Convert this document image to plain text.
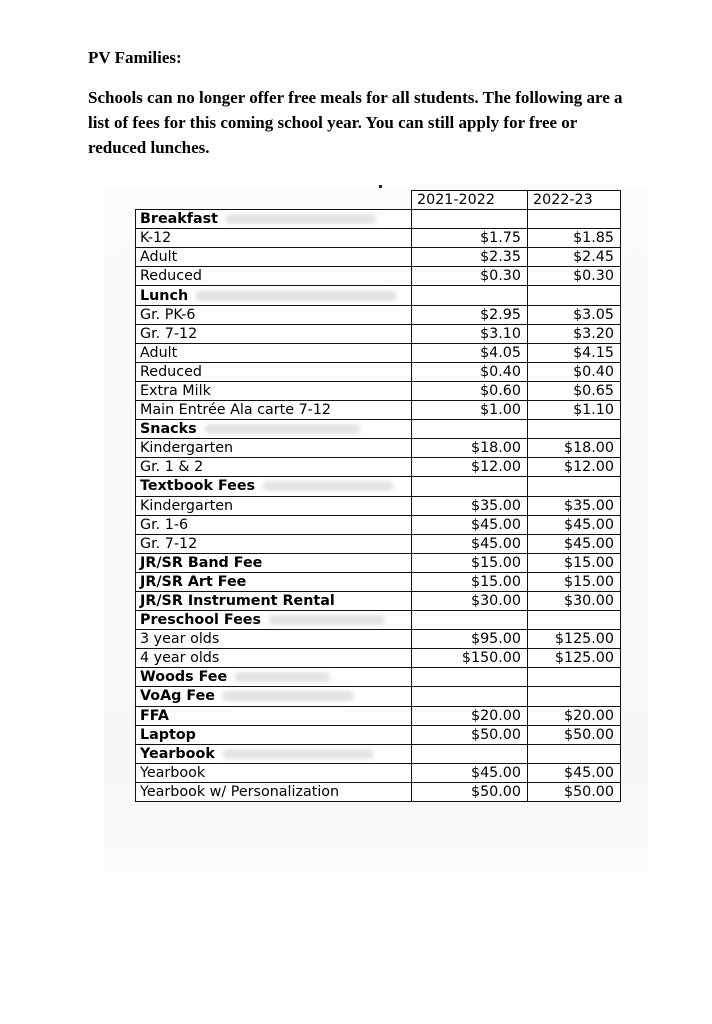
PV Families:

Schools can no longer offer free meals for all students. The following are a list of fees for this coming school year. You can still apply for free or reduced lunches.

	2021-2022	2022-23
Breakfast		
K-12	$1.75	$1.85
Adult	$2.35	$2.45
Reduced	$0.30	$0.30
Lunch		
Gr. PK-6	$2.95	$3.05
Gr. 7-12	$3.10	$3.20
Adult	$4.05	$4.15
Reduced	$0.40	$0.40
Extra Milk	$0.60	$0.65
Main Entrée Ala carte 7-12	$1.00	$1.10
Snacks		
Kindergarten	$18.00	$18.00
Gr. 1 & 2	$12.00	$12.00
Textbook Fees		
Kindergarten	$35.00	$35.00
Gr. 1-6	$45.00	$45.00
Gr. 7-12	$45.00	$45.00
JR/SR Band Fee	$15.00	$15.00
JR/SR Art Fee	$15.00	$15.00
JR/SR Instrument Rental	$30.00	$30.00
Preschool Fees		
3 year olds	$95.00	$125.00
4 year olds	$150.00	$125.00
Woods Fee		
VoAg Fee		
FFA	$20.00	$20.00
Laptop	$50.00	$50.00
Yearbook		
Yearbook	$45.00	$45.00
Yearbook w/ Personalization	$50.00	$50.00
